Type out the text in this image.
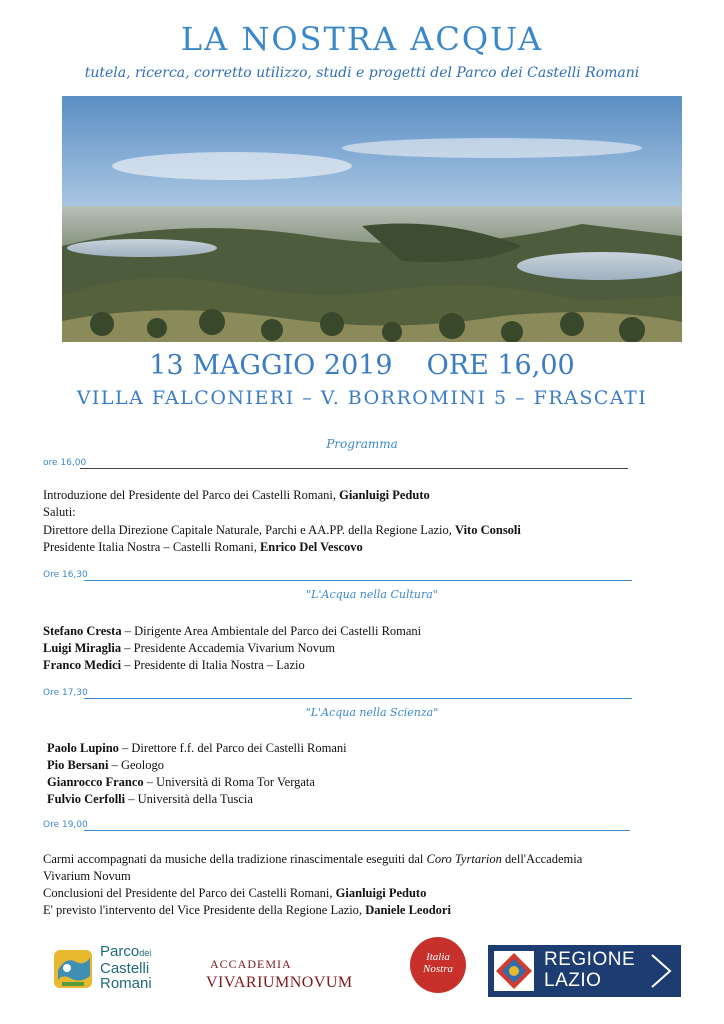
LA NOSTRA ACQUA
tutela, ricerca, corretto utilizzo, studi e progetti del Parco dei Castelli Romani
13 MAGGIO 2019 ORE 16,00
VILLA FALCONIERI – V. BORROMINI 5 – FRASCATI
Programma
ore 16,00
Introduzione del Presidente del Parco dei Castelli Romani, Gianluigi Peduto
Saluti:
Direttore della Direzione Capitale Naturale, Parchi e AA.PP. della Regione Lazio, Vito Consoli
Presidente Italia Nostra – Castelli Romani, Enrico Del Vescovo
Ore 16,30
"L'Acqua nella Cultura"
Stefano Cresta – Dirigente Area Ambientale del Parco dei Castelli Romani
Luigi Miraglia – Presidente Accademia Vivarium Novum
Franco Medici – Presidente di Italia Nostra – Lazio
Ore 17,30
"L'Acqua nella Scienza"
Paolo Lupino – Direttore f.f. del Parco dei Castelli Romani
Pio Bersani – Geologo
Gianrocco Franco – Università di Roma Tor Vergata
Fulvio Cerfolli – Università della Tuscia
Ore 19,00
Carmi accompagnati da musiche della tradizione rinascimentale eseguiti dal Coro Tyrtarion dell'Accademia
Vivarium Novum
Conclusioni del Presidente del Parco dei Castelli Romani, Gianluigi Peduto
E' previsto l'intervento del Vice Presidente della Regione Lazio, Daniele Leodori
Parcodei
Castelli
Romani
ACCADEMIA
VIVARIUMNOVUM
Italia
Nostra	REGIONE
LAZIO
